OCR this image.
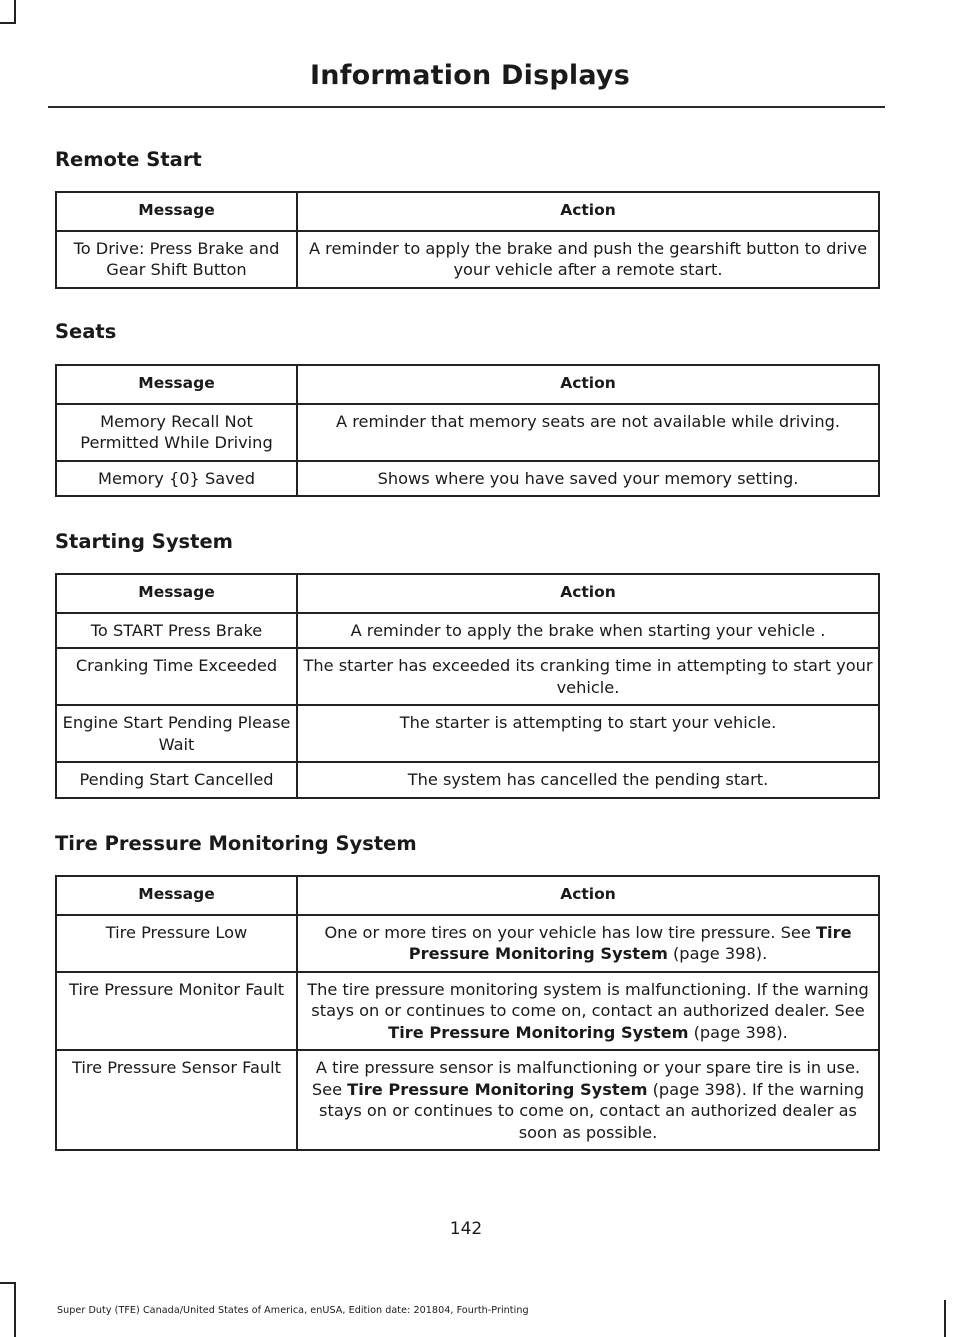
Information Displays
Remote Start
Message	Action
To Drive: Press Brake and Gear Shift Button	A reminder to apply the brake and push the gearshift button to drive your vehicle after a remote start.
Seats
Message	Action
Memory Recall Not Permitted While Driving	A reminder that memory seats are not available while driving.
Memory {0} Saved	Shows where you have saved your memory setting.
Starting System
Message	Action
To START Press Brake	A reminder to apply the brake when starting your vehicle .
Cranking Time Exceeded	The starter has exceeded its cranking time in attempting to start your vehicle.
Engine Start Pending Please Wait	The starter is attempting to start your vehicle.
Pending Start Cancelled	The system has cancelled the pending start.
Tire Pressure Monitoring System
Message	Action
Tire Pressure Low	One or more tires on your vehicle has low tire pressure. See Tire Pressure Monitoring System (page 398).
Tire Pressure Monitor Fault	The tire pressure monitoring system is malfunctioning. If the warning stays on or continues to come on, contact an authorized dealer. See Tire Pressure Monitoring System (page 398).
Tire Pressure Sensor Fault	A tire pressure sensor is malfunctioning or your spare tire is in use. See Tire Pressure Monitoring System (page 398). If the warning stays on or continues to come on, contact an authorized dealer as soon as possible.
142
Super Duty (TFE) Canada/United States of America, enUSA, Edition date: 201804, Fourth-Printing
